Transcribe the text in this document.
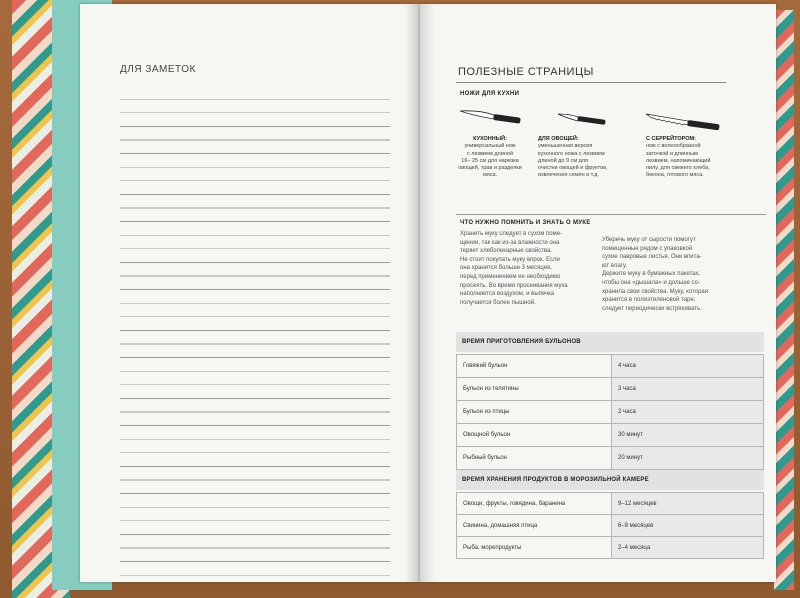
ДЛЯ ЗАМЕТОК	ПОЛЕЗНЫЕ СТРАНИЦЫ
НОЖИ ДЛЯ КУХНИ
КУХОННЫЙ:
универсальный нож
с лезвием длиной
16– 25 см для нарезки
овощей, трав и разделки
мяса.
ДЛЯ ОВОЩЕЙ:
уменьшенная версия
кухонного ножа с лезвием
длиной до 9 см для
очистки овощей и фруктов,
извлечения семян и т.д.
С СЕРРЕЙТОРОМ:
нож с волнообразной
заточкой и длинным
лезвием, напоминающий
пилу, для свежего хлеба,
бекона, готового мяса.
ЧТО НУЖНО ПОМНИТЬ И ЗНАТЬ О МУКЕ
Хранить муку следует в сухом поме-
щении, так как из-за влажности она
теряет хлебопекарные свойства.
Не стоит покупать муку впрок. Если
она хранится больше 3 месяцев,
перед применением ее необходимо
просеять. Во время просеивания мука
наполняется воздухом, и выпечка
получается более пышной.
Уберечь муку от сырости помогут
помещенные рядом с упаковкой
сухие лавровые листья. Они впита-
ют влагу.
Держите муку в бумажных пакетах,
чтобы она «дышала» и дольше со-
хранила свои свойства. Муку, которая
хранится в полиэтиленовой таре,
следует периодически встряхивать.
ВРЕМЯ ПРИГОТОВЛЕНИЯ БУЛЬОНОВ
Говяжий бульон	4 часа
Бульон из телятины	3 часа
Бульон из птицы	2 часа
Овощной бульон	30 минут
Рыбный бульон	20 минут
ВРЕМЯ ХРАНЕНИЯ ПРОДУКТОВ В МОРОЗИЛЬНОЙ КАМЕРЕ
Овощи, фрукты, говядина, баранина	9–12 месяцев
Свинина, домашняя птица	6–9 месяцев
Рыба, морепродукты	2–4 месяца
